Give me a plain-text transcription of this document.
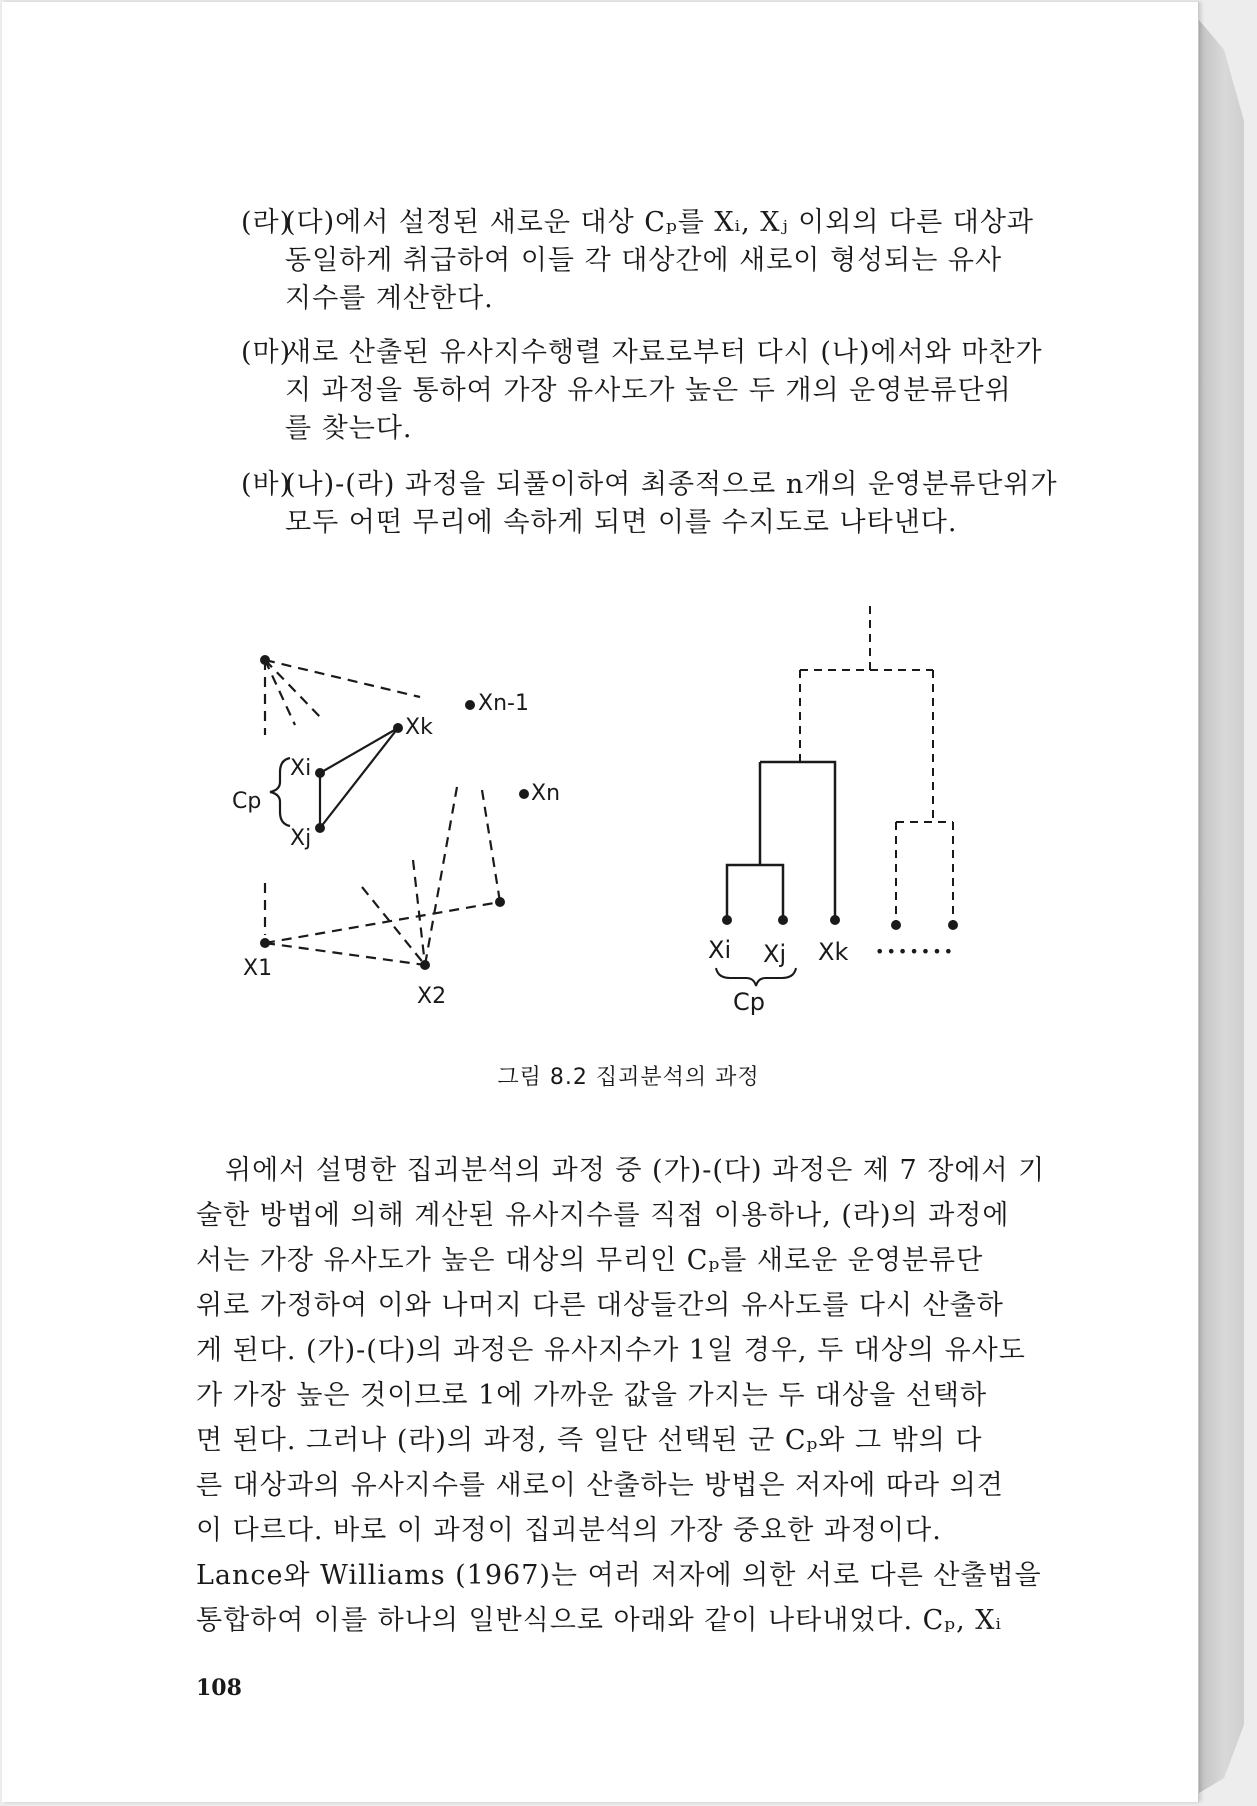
(라)
(다)에서 설정된 새로운 대상 Cₚ를 Xᵢ, Xⱼ 이외의 다른 대상과
동일하게 취급하여 이들 각 대상간에 새로이 형성되는 유사
지수를 계산한다.
(마)
새로 산출된 유사지수행렬 자료로부터 다시 (나)에서와 마찬가
지 과정을 통하여 가장 유사도가 높은 두 개의 운영분류단위
를 찾는다.
(바)
(나)-(라) 과정을 되풀이하여 최종적으로 n개의 운영분류단위가
모두 어떤 무리에 속하게 되면 이를 수지도로 나타낸다.
Xk
Xn-1
Xn
Xi
Xj
Cp
X1
X2
Xi Xj Xk •••••••
Cp
그림 8.2 집괴분석의 과정
위에서 설명한 집괴분석의 과정 중 (가)-(다) 과정은 제 7 장에서 기
술한 방법에 의해 계산된 유사지수를 직접 이용하나, (라)의 과정에
서는 가장 유사도가 높은 대상의 무리인 Cₚ를 새로운 운영분류단
위로 가정하여 이와 나머지 다른 대상들간의 유사도를 다시 산출하
게 된다. (가)-(다)의 과정은 유사지수가 1일 경우, 두 대상의 유사도
가 가장 높은 것이므로 1에 가까운 값을 가지는 두 대상을 선택하
면 된다. 그러나 (라)의 과정, 즉 일단 선택된 군 Cₚ와 그 밖의 다
른 대상과의 유사지수를 새로이 산출하는 방법은 저자에 따라 의견
이 다르다. 바로 이 과정이 집괴분석의 가장 중요한 과정이다.
Lance와 Williams (1967)는 여러 저자에 의한 서로 다른 산출법을
통합하여 이를 하나의 일반식으로 아래와 같이 나타내었다. Cₚ, Xᵢ
108
